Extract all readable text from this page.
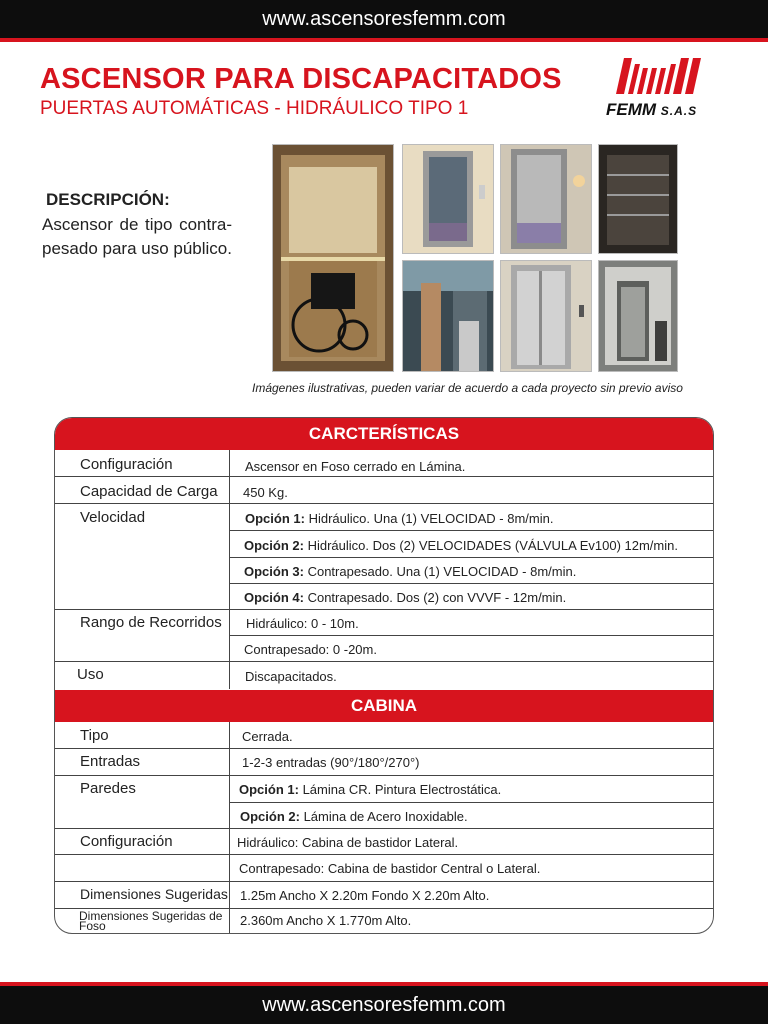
www.ascensoresfemm.com
ASCENSOR PARA DISCAPACITADOS
PUERTAS AUTOMÁTICAS - HIDRÁULICO TIPO 1	FEMM S.A.S
DESCRIPCIÓN:
Ascensor de tipo contra-pesado para uso público.
Imágenes ilustrativas, pueden variar de acuerdo a cada proyecto sin previo aviso
CARCTERÍSTICAS
Configuración	Ascensor en Foso cerrado en Lámina.
Capacidad de Carga 450 Kg.
Velocidad	Opción 1: Hidráulico. Una (1) VELOCIDAD - 8m/min.
Opción 2: Hidráulico. Dos (2) VELOCIDADES (VÁLVULA Ev100) 12m/min.
Opción 3: Contrapesado. Una (1) VELOCIDAD - 8m/min.
Opción 4: Contrapesado. Dos (2) con VVVF - 12m/min.
Rango de Recorridos Hidráulico: 0 - 10m.
Contrapesado: 0 -20m.
Uso	Discapacitados.
CABINA
Tipo	Cerrada.
Entradas	1-2-3 entradas (90°/180°/270°)
Paredes	Opción 1: Lámina CR. Pintura Electrostática.
Opción 2: Lámina de Acero Inoxidable.
Configuración	Hidráulico: Cabina de bastidor Lateral.
Contrapesado: Cabina de bastidor Central o Lateral.
Dimensiones Sugeridas 1.25m Ancho X 2.20m Fondo X 2.20m Alto.
Dimensiones Sugeridas de Foso	2.360m Ancho X 1.770m Alto.
www.ascensoresfemm.com
